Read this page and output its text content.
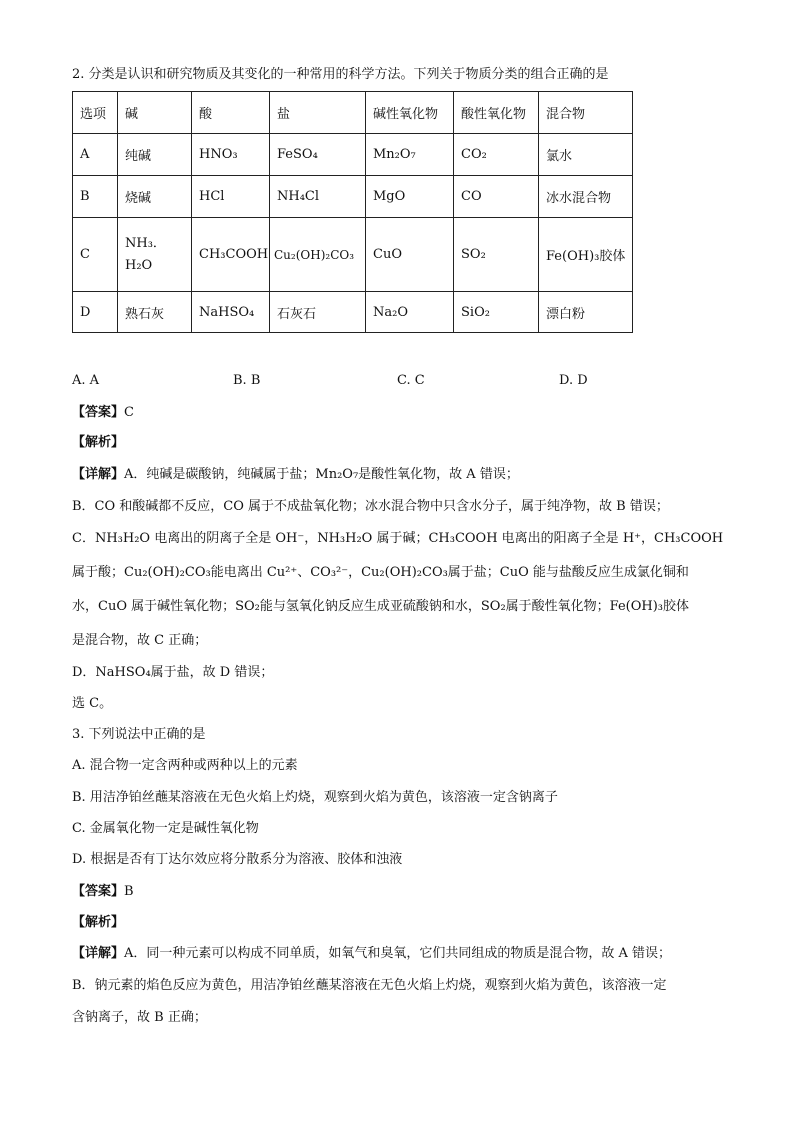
2. 分类是认识和研究物质及其变化的一种常用的科学方法。下列关于物质分类的组合正确的是
选项	碱	酸	盐	碱性氧化物	酸性氧化物	混合物
A	纯碱	HNO₃	FeSO₄	Mn₂O₇	CO₂	氯水
B	烧碱	HCl	NH₄Cl	MgO	CO	冰水混合物
C	NH₃．H₂O	CH₃COOH	Cu₂(OH)₂CO₃	CuO	SO₂	Fe(OH)₃胶体
D	熟石灰	NaHSO₄	石灰石	Na₂O	SiO₂	漂白粉
A. A	B. B	C. C	D. D
【答案】C
【解析】
【详解】A．纯碱是碳酸钠，纯碱属于盐；Mn₂O₇是酸性氧化物，故 A 错误；
B．CO 和酸碱都不反应，CO 属于不成盐氧化物；冰水混合物中只含水分子，属于纯净物，故 B 错误；
C．NH₃H₂O 电离出的阴离子全是 OH⁻，NH₃H₂O 属于碱；CH₃COOH 电离出的阳离子全是 H⁺，CH₃COOH
属于酸；Cu₂(OH)₂CO₃能电离出 Cu²⁺、CO₃²⁻，Cu₂(OH)₂CO₃属于盐；CuO 能与盐酸反应生成氯化铜和
水，CuO 属于碱性氧化物；SO₂能与氢氧化钠反应生成亚硫酸钠和水，SO₂属于酸性氧化物；Fe(OH)₃胶体
是混合物，故 C 正确；
D．NaHSO₄属于盐，故 D 错误；
选 C。
3. 下列说法中正确的是
A. 混合物一定含两种或两种以上的元素
B. 用洁净铂丝蘸某溶液在无色火焰上灼烧，观察到火焰为黄色，该溶液一定含钠离子
C. 金属氧化物一定是碱性氧化物
D. 根据是否有丁达尔效应将分散系分为溶液、胶体和浊液
【答案】B
【解析】
【详解】A．同一种元素可以构成不同单质，如氧气和臭氧，它们共同组成的物质是混合物，故 A 错误；
B．钠元素的焰色反应为黄色，用洁净铂丝蘸某溶液在无色火焰上灼烧，观察到火焰为黄色，该溶液一定
含钠离子，故 B 正确；
